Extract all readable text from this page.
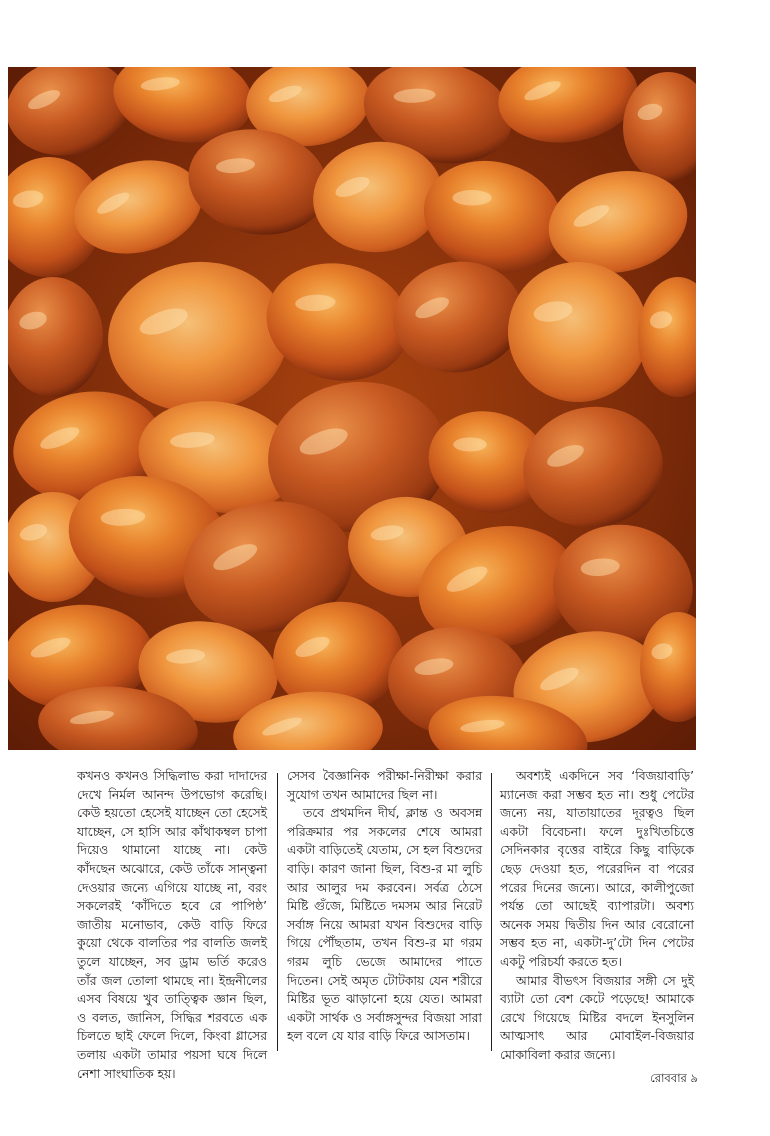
কখনও কখনও সিদ্ধিলাভ করা দাদাদের দেখে নির্মল আনন্দ উপভোগ করেছি। কেউ হয়তো হেসেই যাচ্ছেন তো হেসেই যাচ্ছেন, সে হাসি আর কাঁথাকম্বল চাপা দিয়েও থামানো যাচ্ছে না। কেউ কাঁদছেন অঝোরে, কেউ তাঁকে সান্ত্বনা দেওয়ার জন্যে এগিয়ে যাচ্ছে না, বরং সকলেরই ‘কাঁদিতে হবে রে পাপিষ্ঠ’ জাতীয় মনোভাব, কেউ বাড়ি ফিরে কুয়ো থেকে বালতির পর বালতি জলই তুলে যাচ্ছেন, সব ড্রাম ভর্তি করেও তাঁর জল তোলা থামছে না। ইন্দ্রনীলের এসব বিষয়ে খুব তাত্ত্বিক জ্ঞান ছিল, ও বলত, জানিস, সিদ্ধির শরবতে এক চিলতে ছাই ফেলে দিলে, কিংবা গ্লাসের তলায় একটা তামার পয়সা ঘষে দিলে নেশা সাংঘাতিক হয়।

সেসব বৈজ্ঞানিক পরীক্ষা-নিরীক্ষা করার সুযোগ তখন আমাদের ছিল না।

তবে প্রথমদিন দীর্ঘ, ক্লান্ত ও অবসন্ন পরিক্রমার পর সকলের শেষে আমরা একটা বাড়িতেই যেতাম, সে হল বিশুদের বাড়ি। কারণ জানা ছিল, বিশু-র মা লুচি আর আলুর দম করবেন। সর্বত্র ঠেসে মিষ্টি গুঁজে, মিষ্টিতে দমসম আর নিরেট সর্বাঙ্গ নিয়ে আমরা যখন বিশুদের বাড়ি গিয়ে পৌঁছতাম, তখন বিশু-র মা গরম গরম লুচি ভেজে আমাদের পাতে দিতেন। সেই অমৃত টোটকায় যেন শরীরে মিষ্টির ভূত ঝাড়ানো হয়ে যেত। আমরা একটা সার্থক ও সর্বাঙ্গসুন্দর বিজয়া সারা হল বলে যে যার বাড়ি ফিরে আসতাম।

অবশ্যই একদিনে সব ‘বিজয়াবাড়ি’ ম্যানেজ করা সম্ভব হত না। শুধু পেটের জন্যে নয়, যাতায়াতের দূরত্বও ছিল একটা বিবেচনা। ফলে দুঃখিতচিত্তে সেদিনকার বৃত্তের বাইরে কিছু বাড়িকে ছেড় দেওয়া হত, পরেরদিন বা পরের পরের দিনের জন্যে। আরে, কালীপুজো পর্যন্ত তো আছেই ব্যাপারটা। অবশ্য অনেক সময় দ্বিতীয় দিন আর বেরোনো সম্ভব হত না, একটা-দু’টো দিন পেটের একটু পরিচর্যা করতে হত।

আমার বীভৎস বিজয়ার সঙ্গী সে দুই ব্যাটা তো বেশ কেটে পড়েছে! আমাকে রেখে গিয়েছে মিষ্টির বদলে ইনসুলিন আত্মসাৎ আর মোবাইল-বিজয়ার মোকাবিলা করার জন্যে।

রোববার ৯
